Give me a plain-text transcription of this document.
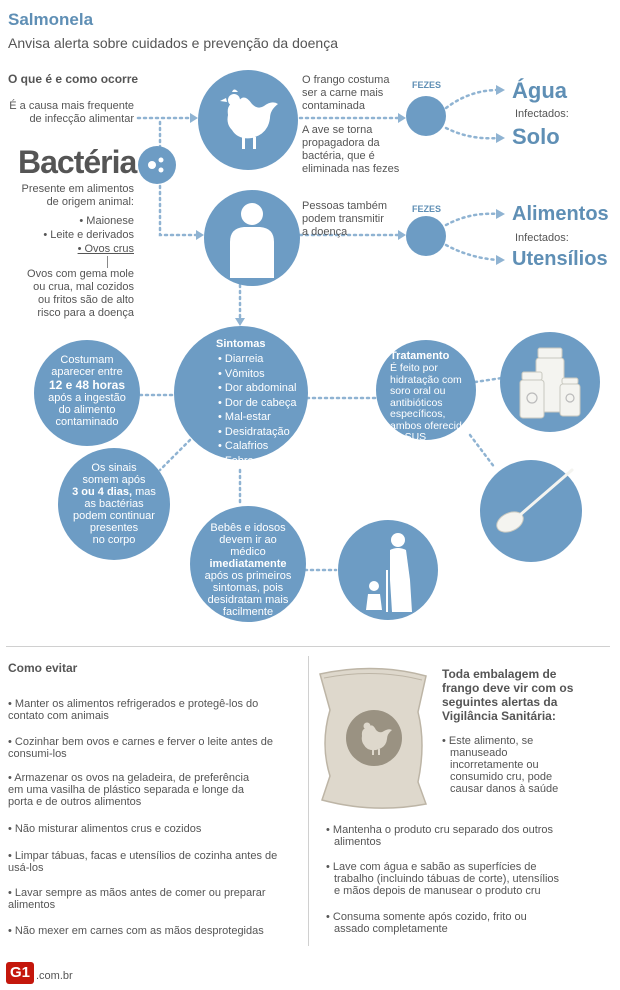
Salmonela
Anvisa alerta sobre cuidados e prevenção da doença
O que é e como ocorre
É a causa mais frequente
de infecção alimentar
Bactéria
Presente em alimentos
de origem animal:
• Maionese
• Leite e derivados
• Ovos crus
Ovos com gema mole
ou crua, mal cozidos
ou fritos são de alto
risco para a doença
O frango costuma
ser a carne mais
contaminada
A ave se torna
propagadora da
bactéria, que é
eliminada nas fezes
FEZES	Água
Infectados:
Solo
Pessoas também
podem transmitir
a doença
FEZES	Alimentos
Infectados:
Utensílios
Sintomas
• Diarreia
• Vômitos
• Dor abdominal
• Dor de cabeça
• Mal-estar
• Desidratação
• Calafrios
• Febre
Costumam
aparecer entre
12 e 48 horas
após a ingestão
do alimento
contaminado
Os sinais
somem após
3 ou 4 dias, mas
as bactérias
podem continuar
presentes
no corpo
Bebês e idosos
devem ir ao
médico
imediatamente
após os primeiros
sintomas, pois
desidratam mais
facilmente
Tratamento
É feito por
hidratação com
soro oral ou
antibióticos
específicos,
ambos oferecidos
no SUS
Como evitar
• Manter os alimentos refrigerados e protegê-los do
contato com animais
• Cozinhar bem ovos e carnes e ferver o leite antes de
consumi-los
• Armazenar os ovos na geladeira, de preferência
em uma vasilha de plástico separada e longe da
porta e de outros alimentos
• Não misturar alimentos crus e cozidos
• Limpar tábuas, facas e utensílios de cozinha antes de
usá-los
• Lavar sempre as mãos antes de comer ou preparar
alimentos
• Não mexer em carnes com as mãos desprotegidas
Toda embalagem de
frango deve vir com os
seguintes alertas da
Vigilância Sanitária:
• Este alimento, se
manuseado
incorretamente ou
consumido cru, pode
causar danos à saúde
• Mantenha o produto cru separado dos outros
alimentos
• Lave com água e sabão as superfícies de
trabalho (incluindo tábuas de corte), utensílios
e mãos depois de manusear o produto cru
• Consuma somente após cozido, frito ou
assado completamente
G1 .com.br
